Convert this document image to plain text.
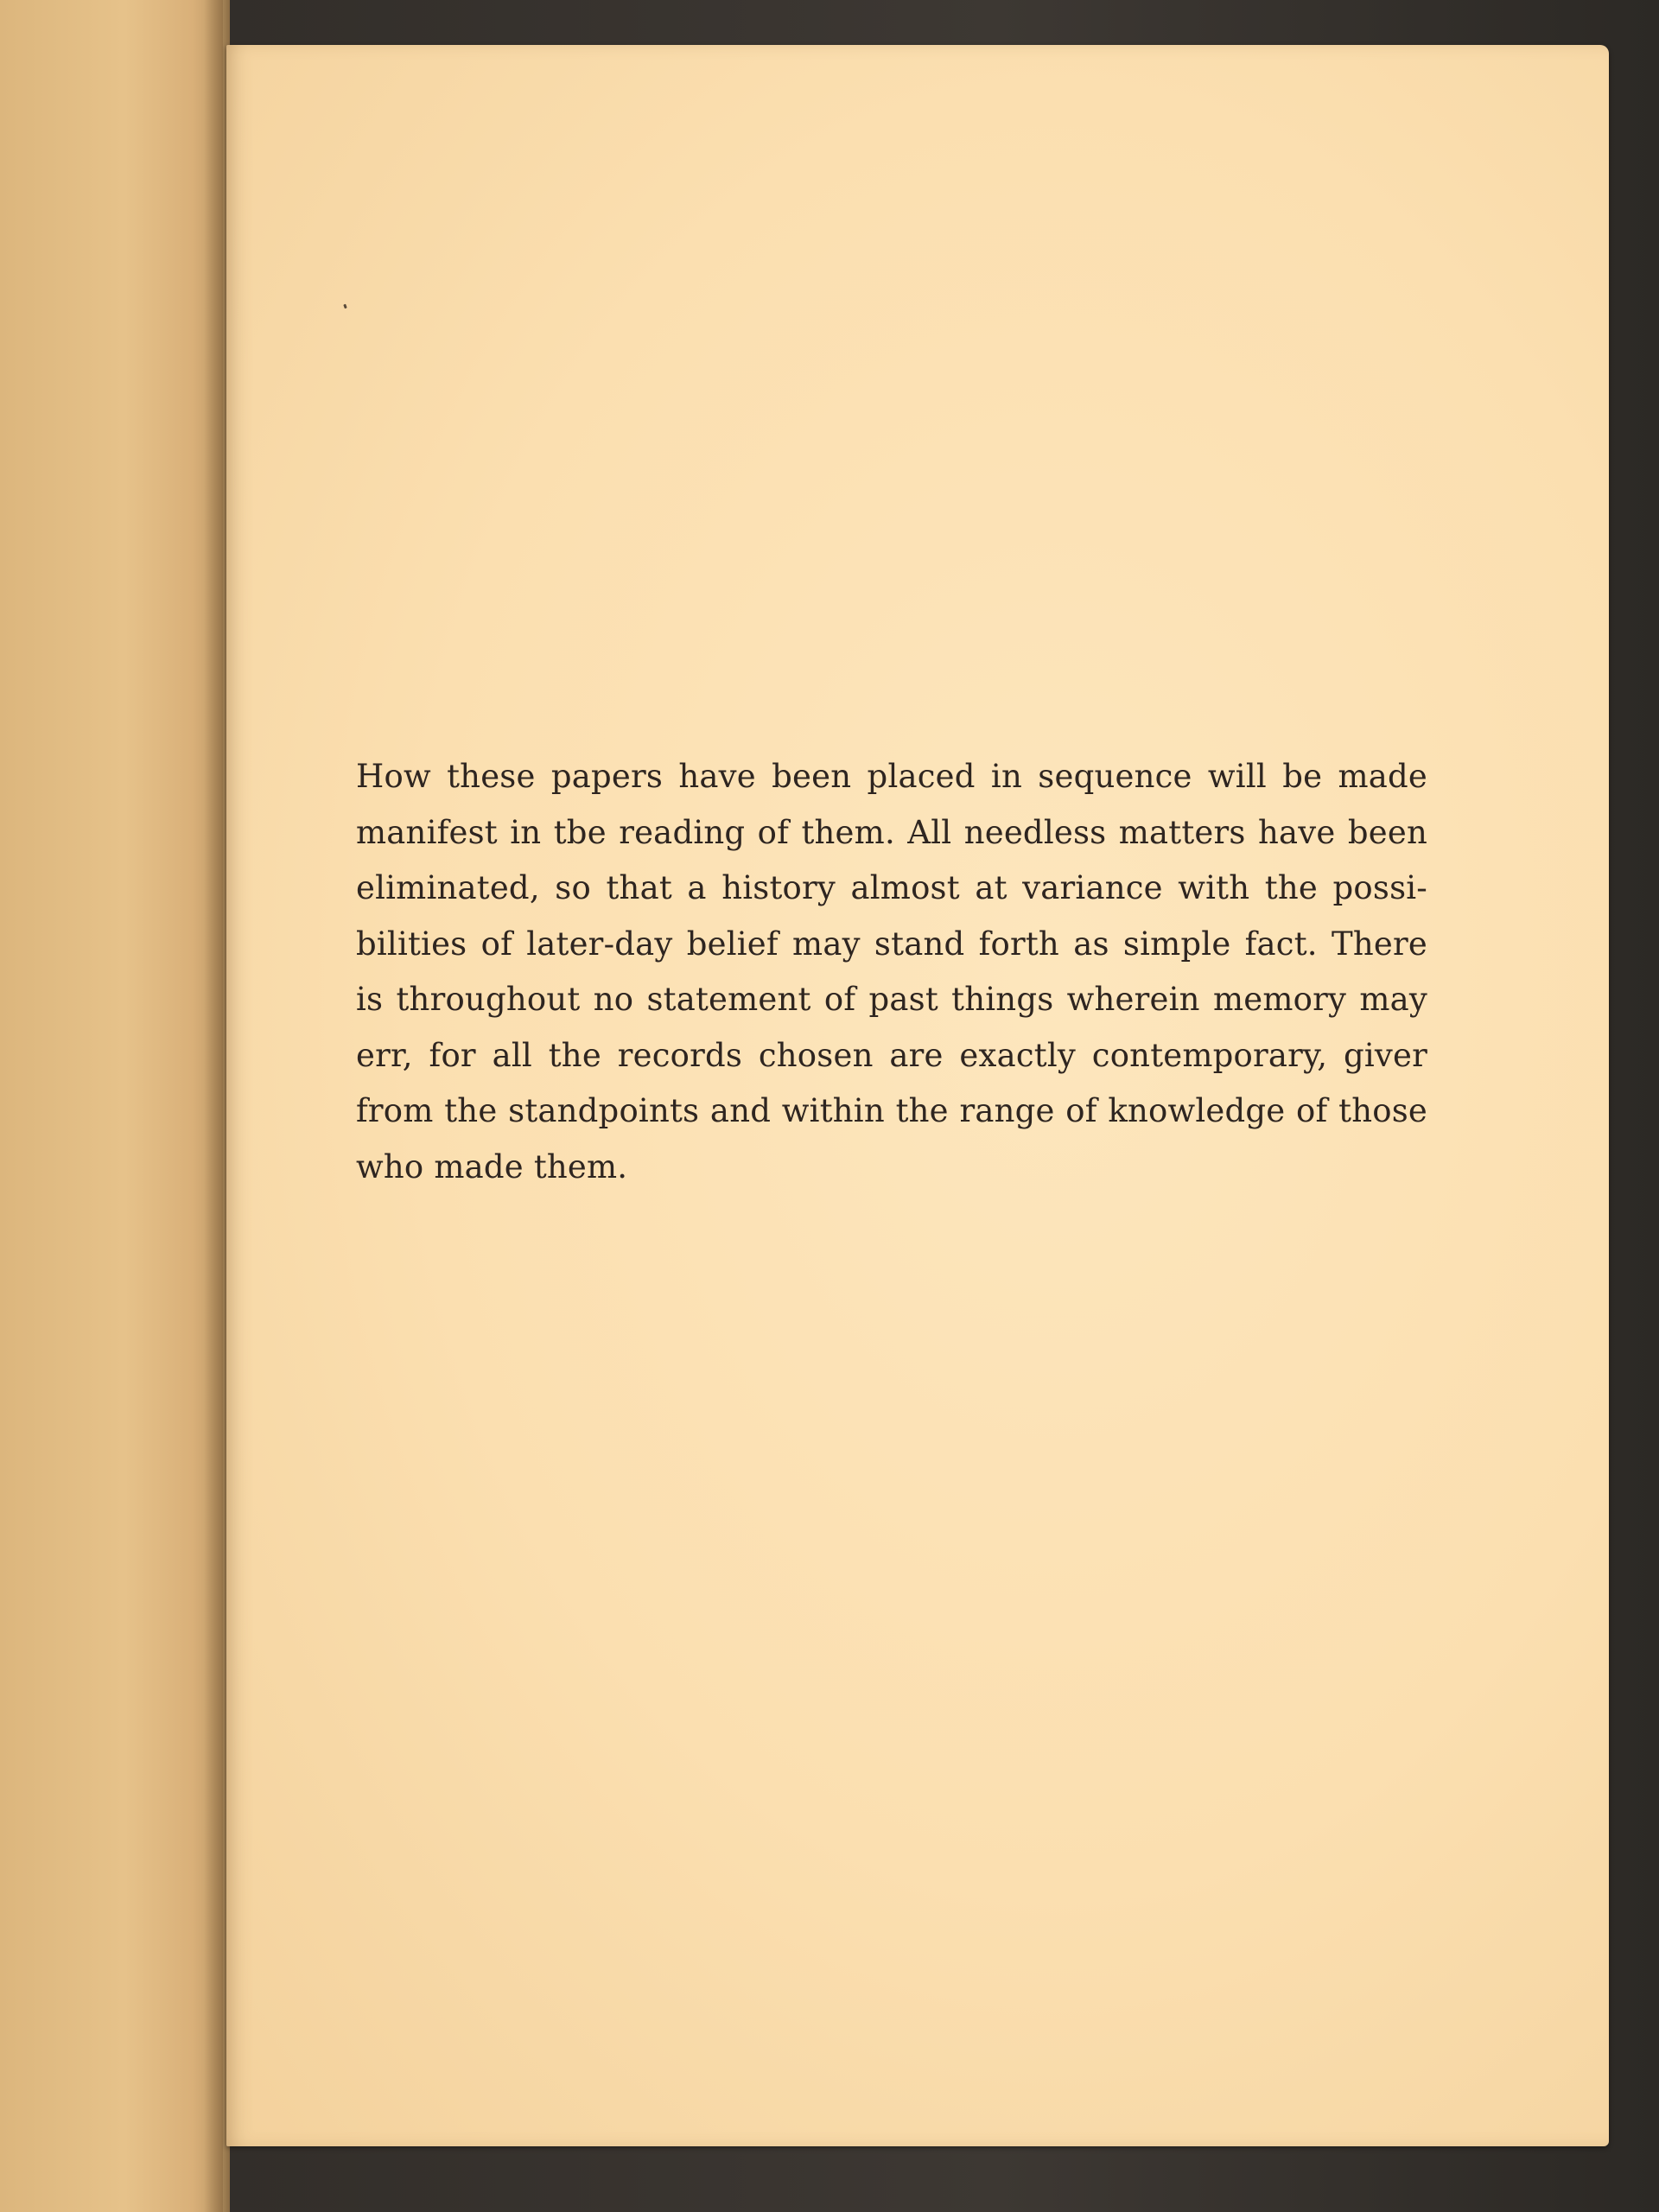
How these papers have been placed in sequence will be made manifest in tbe reading of them. All needless matters have been eliminated, so that a history almost at variance with the possi-bilities of later-day belief may stand forth as simple fact. There is throughout no statement of past things wherein memory may err, for all the records chosen are exactly contemporary, giver from the standpoints and within the range of knowledge of those who made them.
